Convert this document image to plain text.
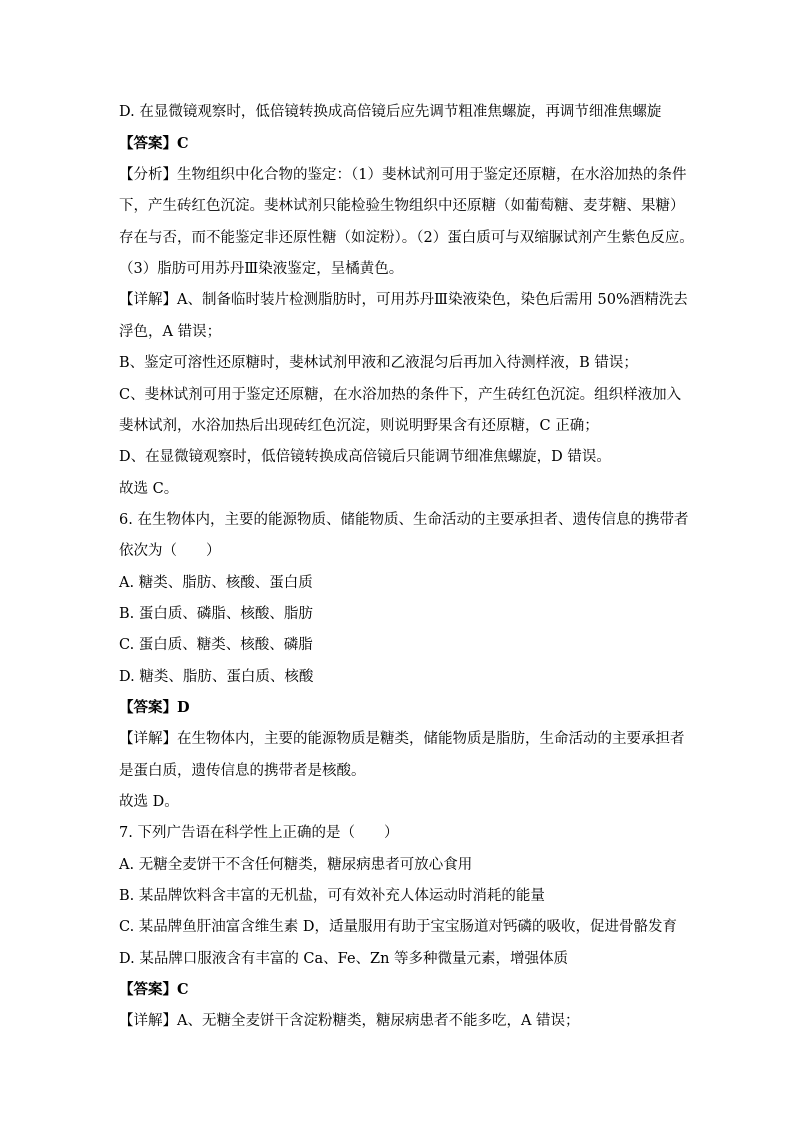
D. 在显微镜观察时，低倍镜转换成高倍镜后应先调节粗准焦螺旋，再调节细准焦螺旋
【答案】C
【分析】生物组织中化合物的鉴定：（1）斐林试剂可用于鉴定还原糖，在水浴加热的条件
下，产生砖红色沉淀。斐林试剂只能检验生物组织中还原糖（如葡萄糖、麦芽糖、果糖）
存在与否，而不能鉴定非还原性糖（如淀粉）。（2）蛋白质可与双缩脲试剂产生紫色反应。
（3）脂肪可用苏丹Ⅲ染液鉴定，呈橘黄色。
【详解】A、制备临时装片检测脂肪时，可用苏丹Ⅲ染液染色，染色后需用 50%酒精洗去
浮色，A 错误；
B、鉴定可溶性还原糖时，斐林试剂甲液和乙液混匀后再加入待测样液，B 错误；
C、斐林试剂可用于鉴定还原糖，在水浴加热的条件下，产生砖红色沉淀。组织样液加入
斐林试剂，水浴加热后出现砖红色沉淀，则说明野果含有还原糖，C 正确；
D、在显微镜观察时，低倍镜转换成高倍镜后只能调节细准焦螺旋，D 错误。
故选 C。
6. 在生物体内，主要的能源物质、储能物质、生命活动的主要承担者、遗传信息的携带者
依次为（　　）
A. 糖类、脂肪、核酸、蛋白质
B. 蛋白质、磷脂、核酸、脂肪
C. 蛋白质、糖类、核酸、磷脂
D. 糖类、脂肪、蛋白质、核酸
【答案】D
【详解】在生物体内，主要的能源物质是糖类，储能物质是脂肪，生命活动的主要承担者
是蛋白质，遗传信息的携带者是核酸。
故选 D。
7. 下列广告语在科学性上正确的是（　　）
A. 无糖全麦饼干不含任何糖类，糖尿病患者可放心食用
B. 某品牌饮料含丰富的无机盐，可有效补充人体运动时消耗的能量
C. 某品牌鱼肝油富含维生素 D，适量服用有助于宝宝肠道对钙磷的吸收，促进骨骼发育
D. 某品牌口服液含有丰富的 Ca、Fe、Zn 等多种微量元素，增强体质
【答案】C
【详解】A、无糖全麦饼干含淀粉糖类，糖尿病患者不能多吃，A 错误；
